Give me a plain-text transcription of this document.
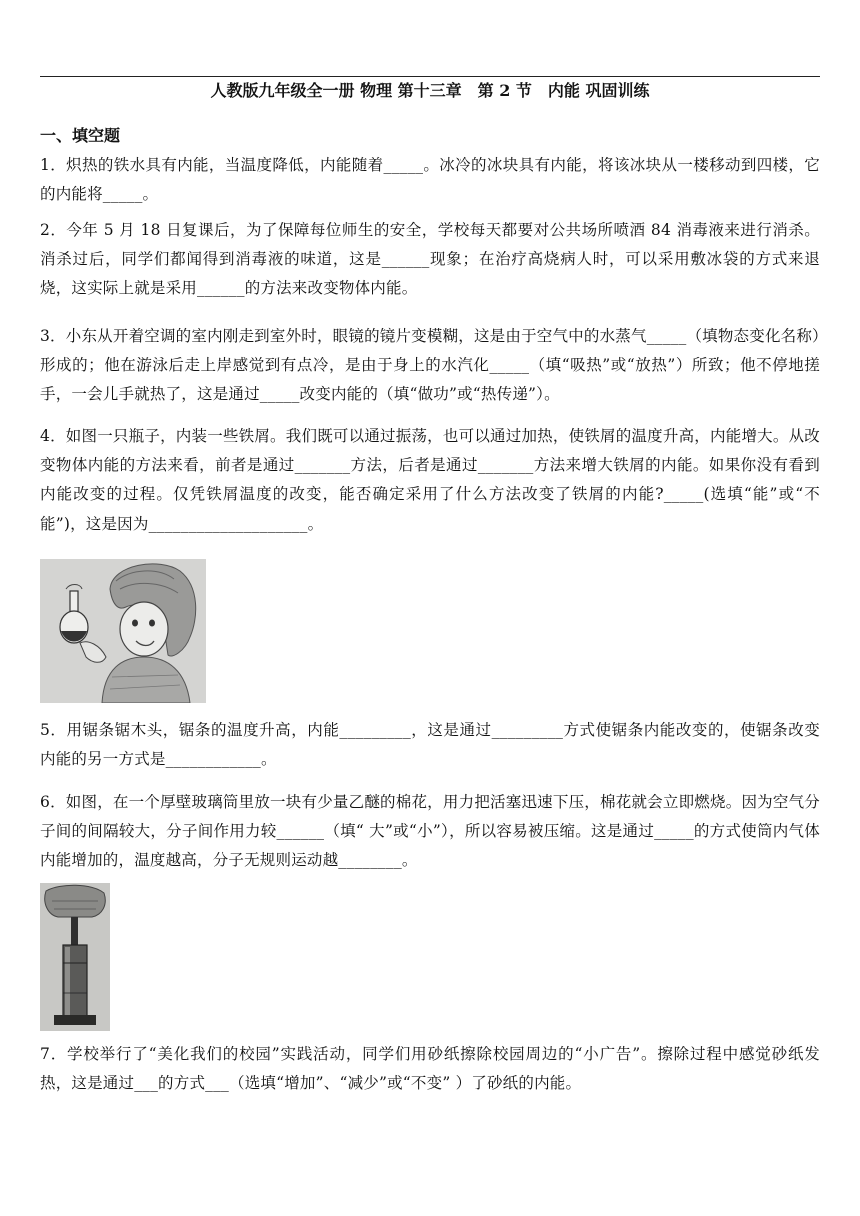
人教版九年级全一册 物理 第十三章　第 2 节　内能 巩固训练
一、填空题
1．炽热的铁水具有内能，当温度降低，内能随着_____。冰冷的冰块具有内能，将该冰块从一楼移动到四楼，它的内能将_____。
2．今年 5 月 18 日复课后，为了保障每位师生的安全，学校每天都要对公共场所喷酒 84 消毒液来进行消杀。消杀过后，同学们都闻得到消毒液的味道，这是______现象；在治疗高烧病人时，可以采用敷冰袋的方式来退烧，这实际上就是采用______的方法来改变物体内能。
3．小东从开着空调的室内刚走到室外时，眼镜的镜片变模糊，这是由于空气中的水蒸气_____（填物态变化名称）形成的；他在游泳后走上岸感觉到有点冷，是由于身上的水汽化_____（填“吸热”或“放热”）所致；他不停地搓手，一会儿手就热了，这是通过_____改变内能的（填“做功”或“热传递”）。
4．如图一只瓶子，内装一些铁屑。我们既可以通过振荡，也可以通过加热，使铁屑的温度升高，内能增大。从改变物体内能的方法来看，前者是通过_______方法，后者是通过_______方法来增大铁屑的内能。如果你没有看到内能改变的过程。仅凭铁屑温度的改变，能否确定采用了什么方法改变了铁屑的内能?_____(选填“能”或“不能”)，这是因为____________________。
5．用锯条锯木头，锯条的温度升高，内能_________，这是通过_________方式使锯条内能改变的，使锯条改变内能的另一方式是____________。
6．如图，在一个厚壁玻璃筒里放一块有少量乙醚的棉花，用力把活塞迅速下压，棉花就会立即燃烧。因为空气分子间的间隔较大，分子间作用力较______（填“ 大”或“小”），所以容易被压缩。这是通过_____的方式使筒内气体内能增加的，温度越高，分子无规则运动越________。
7．学校举行了“美化我们的校园”实践活动，同学们用砂纸擦除校园周边的“小广告”。擦除过程中感觉砂纸发热，这是通过___的方式___（选填“增加”、“减少”或“不变” ）了砂纸的内能。
